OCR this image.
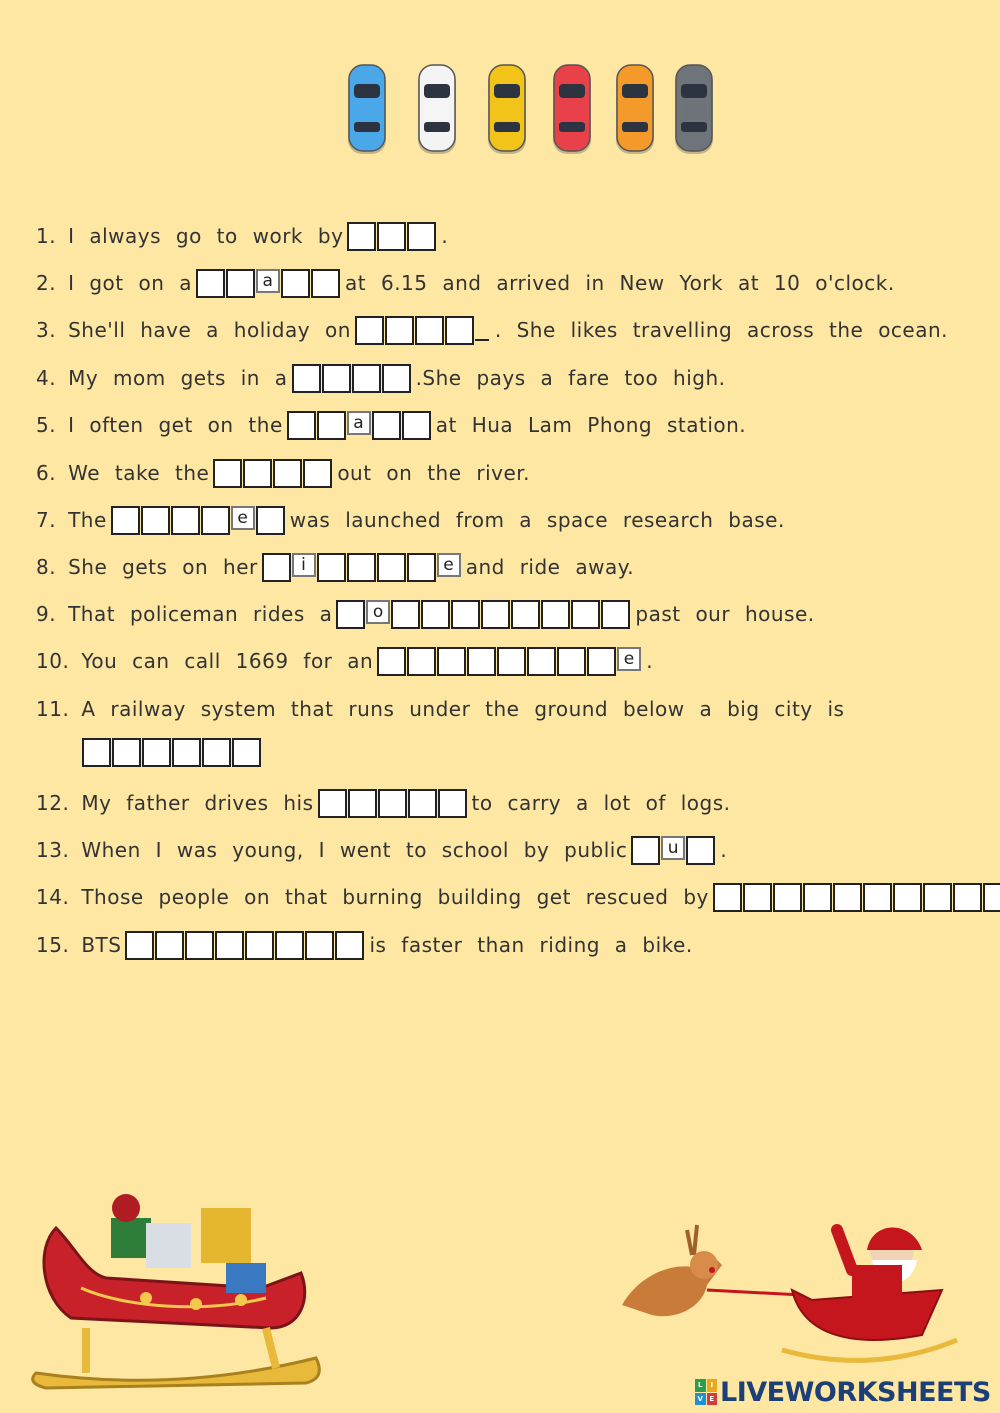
1. I always go to work by	.
2. I got on a	a	at 6.15 and arrived in New York at 10 o'clock.
3. She'll have a holiday on	. She likes travelling across the ocean.
4. My mom gets in a	.She pays a fare too high.
5. I often get on the	a	at Hua Lam Phong station.
6. We take the	out on the river.
7. The	e	was launched from a space research base.
8. She gets on her	i	e and ride away.
9. That policeman rides a	o	past our house.
10. You can call 1669 for an	e .
11. A railway system that runs under the ground below a big city is
12. My father drives his	to carry a lot of logs.
13. When I was young, I went to school by public	u	.
14. Those people on that burning building get rescued by
15. BTS	is faster than riding a bike.
L	I
V E LIVEWORKSHEETS
